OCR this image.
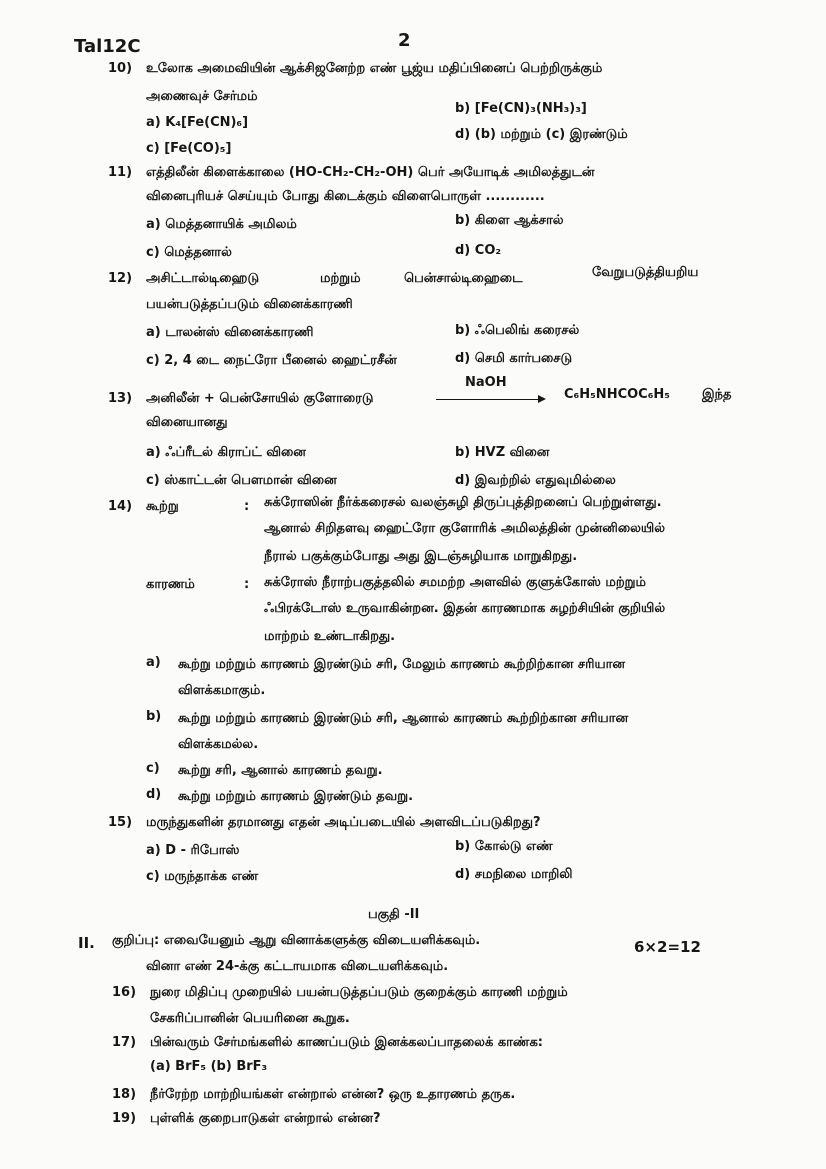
Tal12C	2
10) உலோக அமைவியின் ஆக்சிஜனேற்ற எண் பூஜ்ய மதிப்பினைப் பெற்றிருக்கும்
அணைவுச் சேர்மம்
a) K₄[Fe(CN)₆]
b) [Fe(CN)₃(NH₃)₃]
c) [Fe(CO)₅]
d) (b) மற்றும் (c) இரண்டும்
11) எத்திலீன் கிளைக்காலை (HO-CH₂-CH₂-OH) பெர் அயோடிக் அமிலத்துடன்
வினைபுரியச் செய்யும் போது கிடைக்கும் விளைபொருள் ............
a) மெத்தனாயிக் அமிலம்	b) கிளை ஆக்சால்
c) மெத்தனால்	d) CO₂
12) அசிட்டால்டிஹைடு	மற்றும்	பென்சால்டிஹைடை	வேறுபடுத்தியறிய
பயன்படுத்தப்படும் வினைக்காரணி
a) டாலன்ஸ் வினைக்காரணி	b) ஃபெலிங் கரைசல்
c) 2, 4 டை நைட்ரோ பீனைல் ஹைட்ரசீன்	d) செமி கார்பசைடு
13) அனிலீன் + பென்சோயில் குளோரைடு
NaOH
C₆H₅NHCOC₆H₅ இந்த
வினையானது
a) ஃப்ரீடல் கிராப்ட் வினை	b) HVZ வினை
c) ஸ்காட்டன் பௌமான் வினை	d) இவற்றில் எதுவுமில்லை
14) கூற்று	: சுக்ரோஸின் நீர்க்கரைசல் வலஞ்சுழி திருப்புத்திறனைப் பெற்றுள்ளது.
ஆனால் சிறிதளவு ஹைட்ரோ குளோரிக் அமிலத்தின் முன்னிலையில்
நீரால் பகுக்கும்போது அது இடஞ்சுழியாக மாறுகிறது.
காரணம்	: சுக்ரோஸ் நீராற்பகுத்தலில் சமமற்ற அளவில் குளுக்கோஸ் மற்றும்
ஃபிரக்டோஸ் உருவாகின்றன. இதன் காரணமாக சுழற்சியின் குறியில்
மாற்றம் உண்டாகிறது.
a) கூற்று மற்றும் காரணம் இரண்டும் சரி, மேலும் காரணம் கூற்றிற்கான சரியான
விளக்கமாகும்.
b) கூற்று மற்றும் காரணம் இரண்டும் சரி, ஆனால் காரணம் கூற்றிற்கான சரியான
விளக்கமல்ல.
c) கூற்று சரி, ஆனால் காரணம் தவறு.
d) கூற்று மற்றும் காரணம் இரண்டும் தவறு.
15) மருந்துகளின் தரமானது எதன் அடிப்படையில் அளவிடப்படுகிறது?
a) D - ரிபோஸ்	b) கோல்டு எண்
c) மருந்தாக்க எண்	d) சமநிலை மாறிலி
பகுதி -II
II. குறிப்பு: எவையேனும் ஆறு வினாக்களுக்கு விடையளிக்கவும்.
வினா எண் 24-க்கு கட்டாயமாக விடையளிக்கவும்.
6×2=12
16) நுரை மிதிப்பு முறையில் பயன்படுத்தப்படும் குறைக்கும் காரணி மற்றும்
சேகரிப்பானின் பெயரினை கூறுக.
17) பின்வரும் சேர்மங்களில் காணப்படும் இனக்கலப்பாதலைக் காண்க:
(a) BrF₅ (b) BrF₃
18) நீர்ரேற்ற மாற்றியங்கள் என்றால் என்ன? ஒரு உதாரணம் தருக.
19) புள்ளிக் குறைபாடுகள் என்றால் என்ன?
